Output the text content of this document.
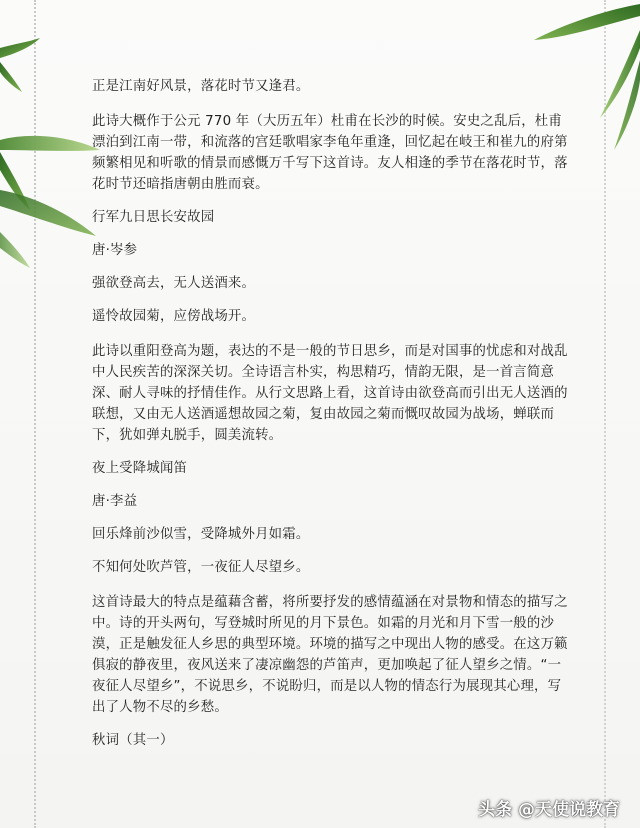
正是江南好风景，落花时节又逢君。

此诗大概作于公元 770 年（大历五年）杜甫在长沙的时候。安史之乱后，杜甫漂泊到江南一带，和流落的宫廷歌唱家李龟年重逢，回忆起在岐王和崔九的府第频繁相见和听歌的情景而感慨万千写下这首诗。友人相逢的季节在落花时节，落花时节还暗指唐朝由胜而衰。

行军九日思长安故园

唐·岑参

强欲登高去，无人送酒来。

遥怜故园菊，应傍战场开。

此诗以重阳登高为题，表达的不是一般的节日思乡，而是对国事的忧虑和对战乱中人民疾苦的深深关切。全诗语言朴实，构思精巧，情韵无限，是一首言简意深、耐人寻味的抒情佳作。从行文思路上看，这首诗由欲登高而引出无人送酒的联想，又由无人送酒遥想故园之菊，复由故园之菊而慨叹故园为战场，蝉联而下，犹如弹丸脱手，圆美流转。

夜上受降城闻笛

唐·李益

回乐烽前沙似雪，受降城外月如霜。

不知何处吹芦管，一夜征人尽望乡。

这首诗最大的特点是蕴藉含蓄，将所要抒发的感情蕴涵在对景物和情态的描写之中。诗的开头两句，写登城时所见的月下景色。如霜的月光和月下雪一般的沙漠，正是触发征人乡思的典型环境。环境的描写之中现出人物的感受。在这万籁俱寂的静夜里，夜风送来了凄凉幽怨的芦笛声，更加唤起了征人望乡之情。“一夜征人尽望乡”，不说思乡，不说盼归，而是以人物的情态行为展现其心理，写出了人物不尽的乡愁。

秋词（其一）

头条 @天使说教育
